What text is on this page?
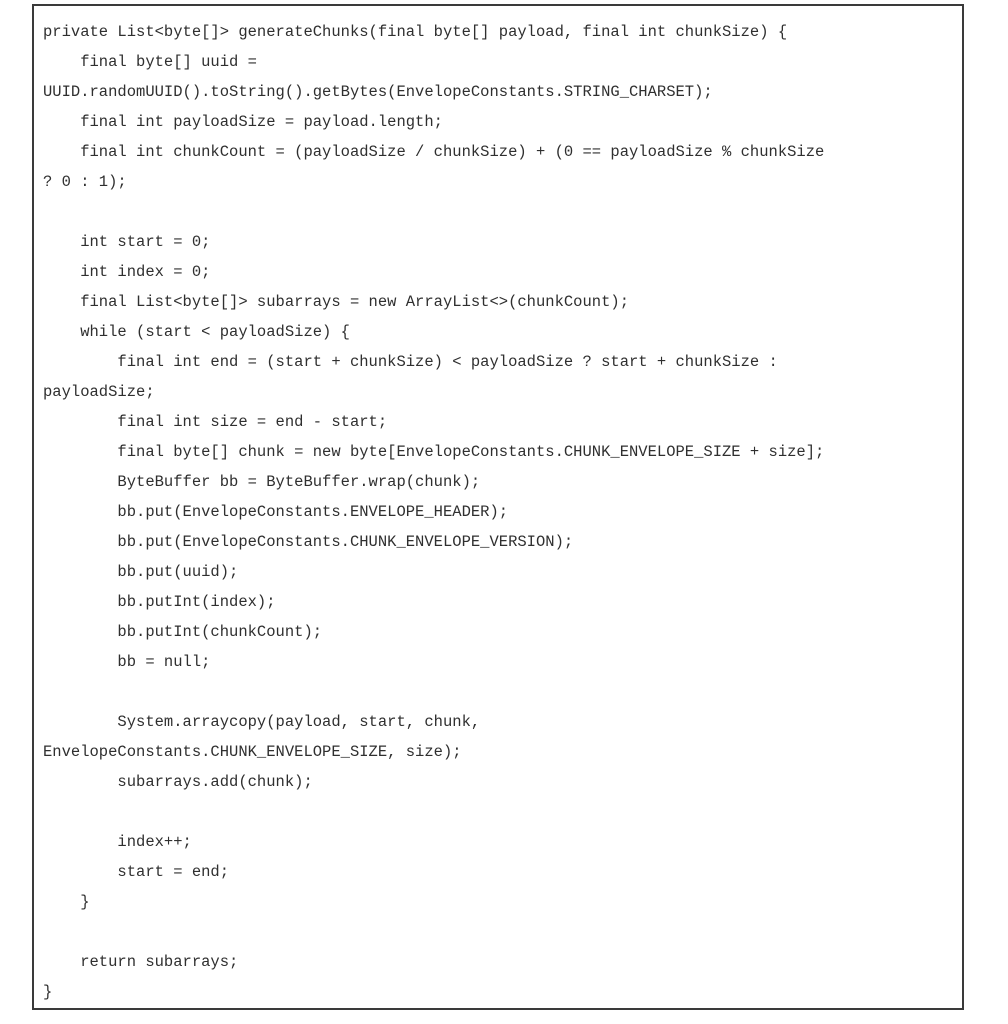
private List<byte[]> generateChunks(final byte[] payload, final int chunkSize) {
final byte[] uuid =
UUID.randomUUID().toString().getBytes(EnvelopeConstants.STRING_CHARSET);
final int payloadSize = payload.length;
final int chunkCount = (payloadSize / chunkSize) + (0 == payloadSize % chunkSize
? 0 : 1);
int start = 0;
int index = 0;
final List<byte[]> subarrays = new ArrayList<>(chunkCount);
while (start < payloadSize) {
final int end = (start + chunkSize) < payloadSize ? start + chunkSize :
payloadSize;
final int size = end - start;
final byte[] chunk = new byte[EnvelopeConstants.CHUNK_ENVELOPE_SIZE + size];
ByteBuffer bb = ByteBuffer.wrap(chunk);
bb.put(EnvelopeConstants.ENVELOPE_HEADER);
bb.put(EnvelopeConstants.CHUNK_ENVELOPE_VERSION);
bb.put(uuid);
bb.putInt(index);
bb.putInt(chunkCount);
bb = null;
System.arraycopy(payload, start, chunk,
EnvelopeConstants.CHUNK_ENVELOPE_SIZE, size);
subarrays.add(chunk);
index++;
start = end;
}
return subarrays;
}
